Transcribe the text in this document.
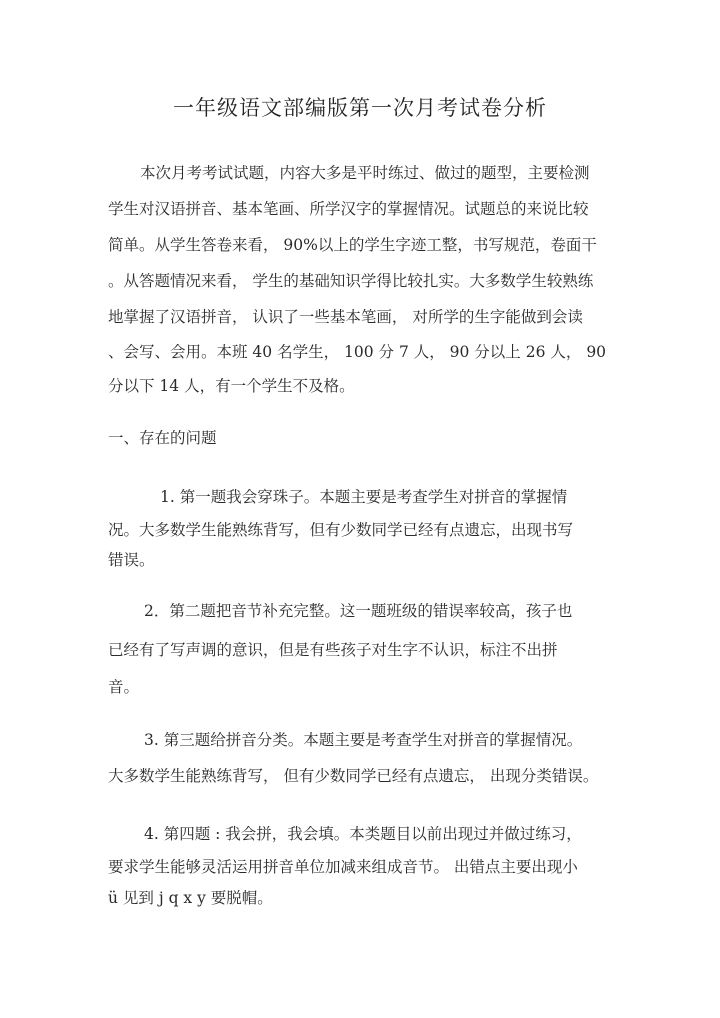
一年级语文部编版第一次月考试卷分析
本次月考考试试题，内容大多是平时练过、做过的题型，主要检测
学生对汉语拼音、基本笔画、所学汉字的掌握情况。试题总的来说比较
简单。从学生答卷来看， 90%以上的学生字迹工整，书写规范，卷面干
。从答题情况来看， 学生的基础知识学得比较扎实。大多数学生较熟练
地掌握了汉语拼音， 认识了一些基本笔画， 对所学的生字能做到会读
、会写、会用。本班 40 名学生， 100 分 7 人， 90 分以上 26 人， 90
分以下 14 人，有一个学生不及格。
一、存在的问题
1. 第一题我会穿珠子。本题主要是考查学生对拼音的掌握情
况。大多数学生能熟练背写，但有少数同学已经有点遗忘，出现书写
错误。
2．第二题把音节补充完整。这一题班级的错误率较高，孩子也
已经有了写声调的意识，但是有些孩子对生字不认识，标注不出拼
音。
3. 第三题给拼音分类。本题主要是考查学生对拼音的掌握情况。
大多数学生能熟练背写， 但有少数同学已经有点遗忘， 出现分类错误。
4. 第四题 : 我会拼，我会填。本类题目以前出现过并做过练习，
要求学生能够灵活运用拼音单位加减来组成音节。 出错点主要出现小
ü 见到 j q x y 要脱帽。
